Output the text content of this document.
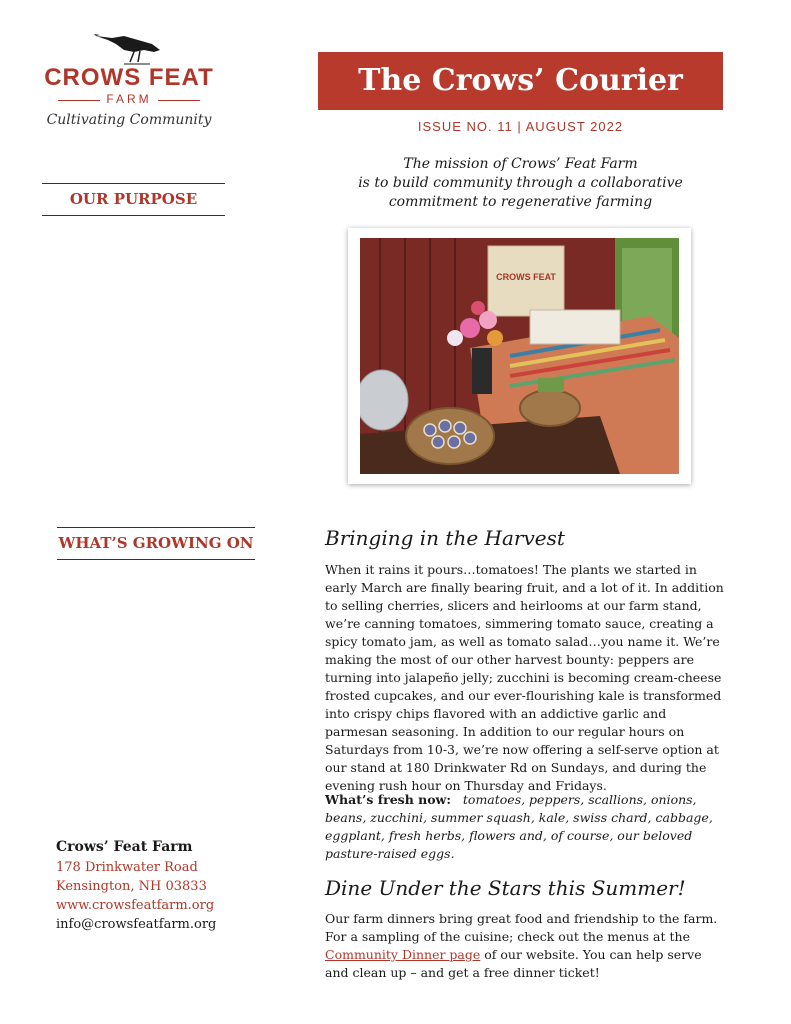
CROWS FEAT
FARM
Cultivating Community
OUR PURPOSE
WHAT’S GROWING ON
The Crows’ Courier
ISSUE NO. 11 | AUGUST 2022
The mission of Crows’ Feat Farm
is to build community through a collaborative
commitment to regenerative farming
CROWS FEAT
Bringing in the Harvest
When it rains it pours…tomatoes! The plants we started in early March are finally bearing fruit, and a lot of it. In addition to selling cherries, slicers and heirlooms at our farm stand, we’re canning tomatoes, simmering tomato sauce, creating a spicy tomato jam, as well as tomato salad…you name it. We’re making the most of our other harvest bounty: peppers are turning into jalapeño jelly; zucchini is becoming cream-cheese frosted cupcakes, and our ever-flourishing kale is transformed into crispy chips flavored with an addictive garlic and parmesan seasoning. In addition to our regular hours on Saturdays from 10-3, we’re now offering a self-serve option at our stand at 180 Drinkwater Rd on Sundays, and during the evening rush hour on Thursday and Fridays.
What’s fresh now: tomatoes, peppers, scallions, onions, beans, zucchini, summer squash, kale, swiss chard, cabbage, eggplant, fresh herbs, flowers and, of course, our beloved pasture-raised eggs.
Dine Under the Stars this Summer!
Our farm dinners bring great food and friendship to the farm. For a sampling of the cuisine; check out the menus at the Community Dinner page of our website. You can help serve and clean up – and get a free dinner ticket!
Crows’ Feat Farm
178 Drinkwater Road
Kensington, NH 03833
www.crowsfeatfarm.org
info@crowsfeatfarm.org
